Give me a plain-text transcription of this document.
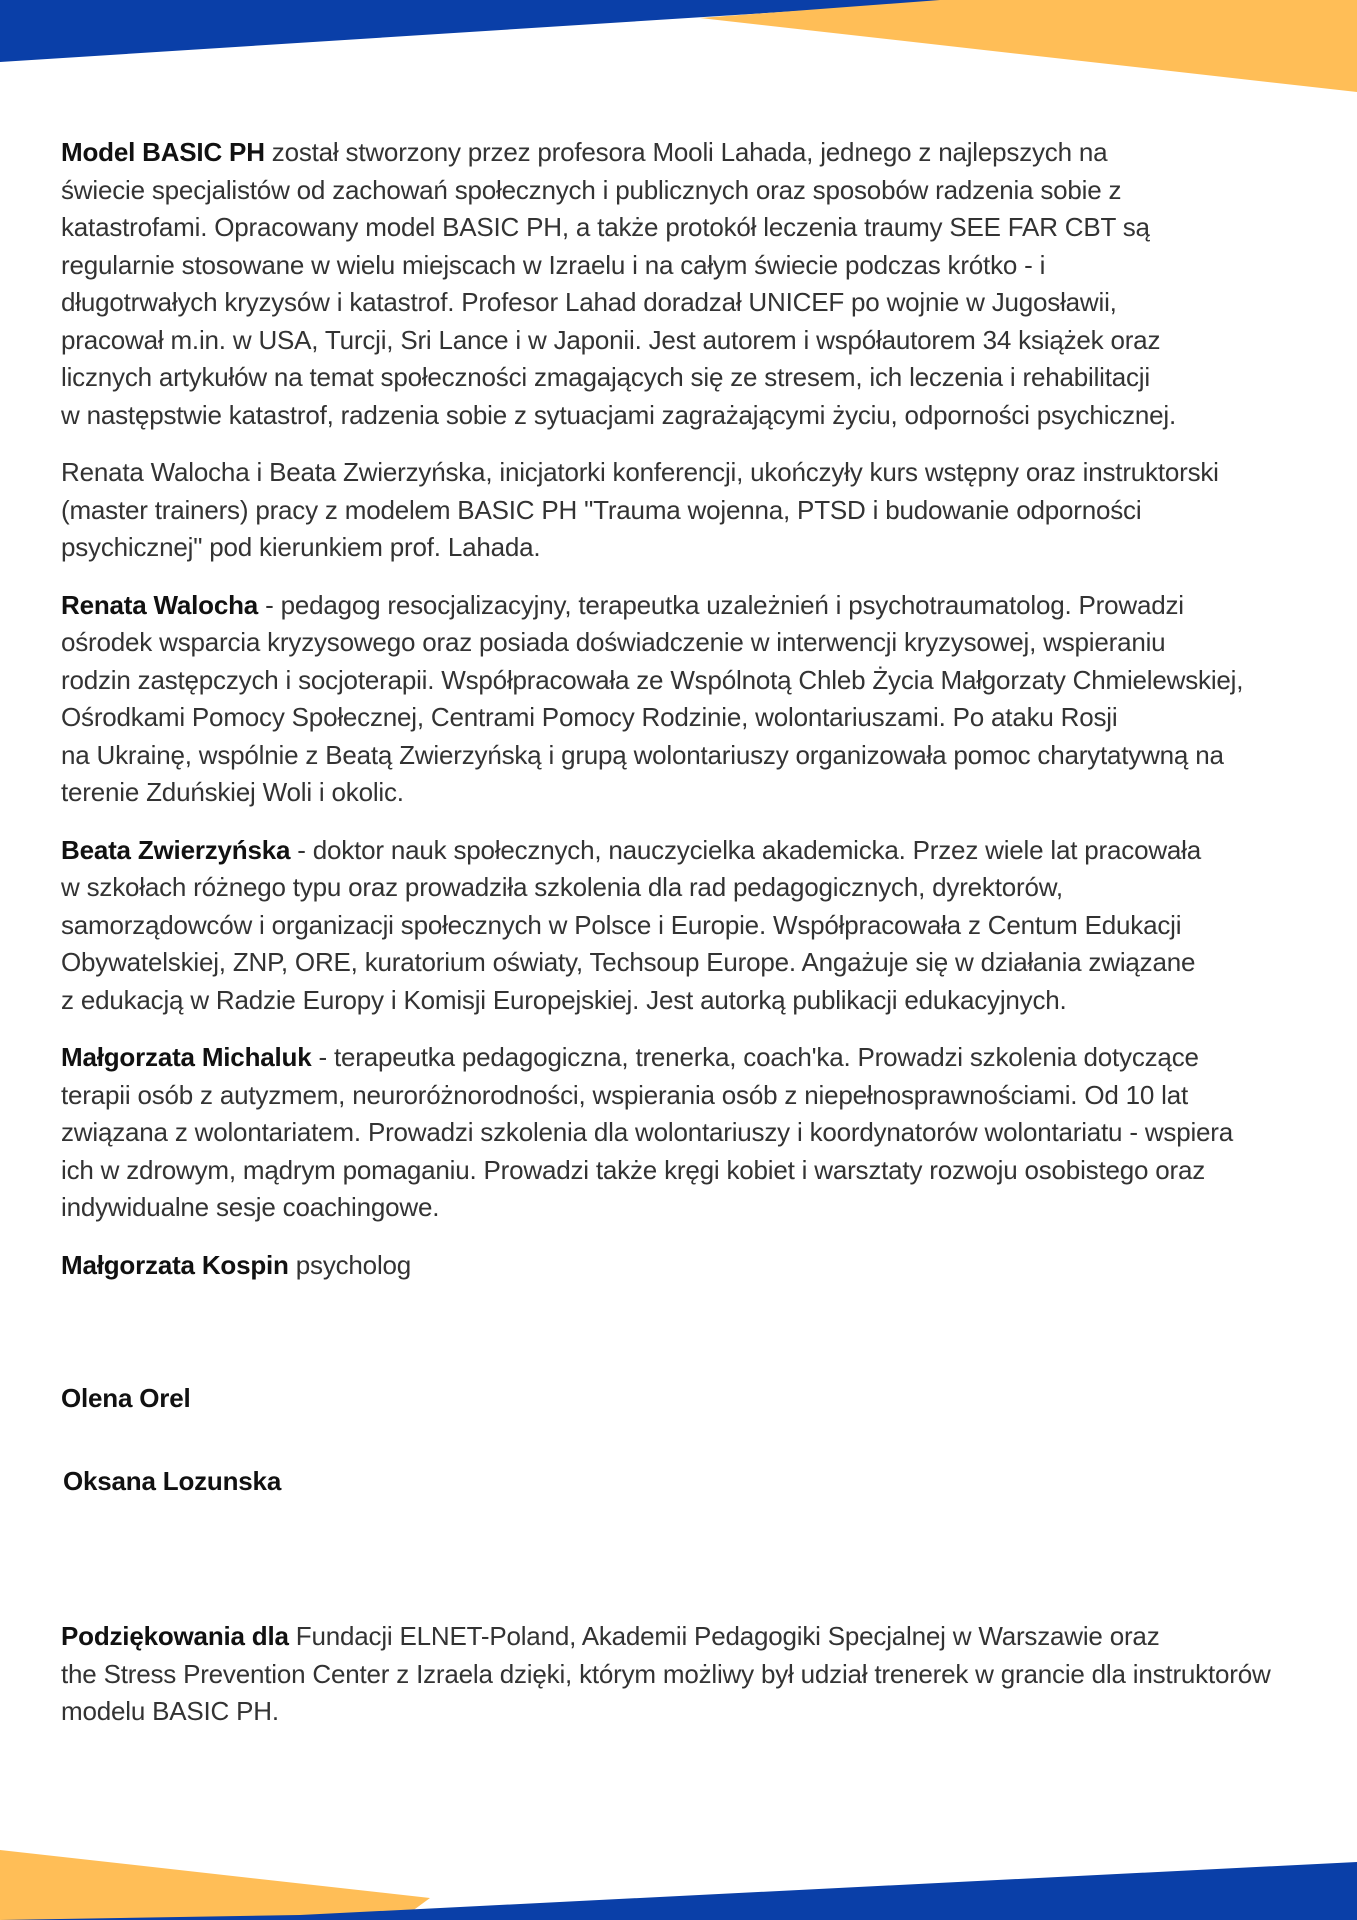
Model BASIC PH został stworzony przez profesora Mooli Lahada, jednego z najlepszych na
świecie specjalistów od zachowań społecznych i publicznych oraz sposobów radzenia sobie z
katastrofami. Opracowany model BASIC PH, a także protokół leczenia traumy SEE FAR CBT są
regularnie stosowane w wielu miejscach w Izraelu i na całym świecie podczas krótko - i
długotrwałych kryzysów i katastrof. Profesor Lahad doradzał UNICEF po wojnie w Jugosławii,
pracował m.in. w USA, Turcji, Sri Lance i w Japonii. Jest autorem i współautorem 34 książek oraz
licznych artykułów na temat społeczności zmagających się ze stresem, ich leczenia i rehabilitacji
w następstwie katastrof, radzenia sobie z sytuacjami zagrażającymi życiu, odporności psychicznej.

Renata Walocha i Beata Zwierzyńska, inicjatorki konferencji, ukończyły kurs wstępny oraz instruktorski
(master trainers) pracy z modelem BASIC PH "Trauma wojenna, PTSD i budowanie odporności
psychicznej" pod kierunkiem prof. Lahada.

Renata Walocha - pedagog resocjalizacyjny, terapeutka uzależnień i psychotraumatolog. Prowadzi
ośrodek wsparcia kryzysowego oraz posiada doświadczenie w interwencji kryzysowej, wspieraniu
rodzin zastępczych i socjoterapii. Współpracowała ze Wspólnotą Chleb Życia Małgorzaty Chmielewskiej,
Ośrodkami Pomocy Społecznej, Centrami Pomocy Rodzinie, wolontariuszami. Po ataku Rosji
na Ukrainę, wspólnie z Beatą Zwierzyńską i grupą wolontariuszy organizowała pomoc charytatywną na
terenie Zduńskiej Woli i okolic.

Beata Zwierzyńska - doktor nauk społecznych, nauczycielka akademicka. Przez wiele lat pracowała
w szkołach różnego typu oraz prowadziła szkolenia dla rad pedagogicznych, dyrektorów,
samorządowców i organizacji społecznych w Polsce i Europie. Współpracowała z Centum Edukacji
Obywatelskiej, ZNP, ORE, kuratorium oświaty, Techsoup Europe. Angażuje się w działania związane
z edukacją w Radzie Europy i Komisji Europejskiej. Jest autorką publikacji edukacyjnych.

Małgorzata Michaluk - terapeutka pedagogiczna, trenerka, coach'ka. Prowadzi szkolenia dotyczące
terapii osób z autyzmem, neuroróżnorodności, wspierania osób z niepełnosprawnościami. Od 10 lat
związana z wolontariatem. Prowadzi szkolenia dla wolontariuszy i koordynatorów wolontariatu - wspiera
ich w zdrowym, mądrym pomaganiu. Prowadzi także kręgi kobiet i warsztaty rozwoju osobistego oraz
indywidualne sesje coachingowe.

Małgorzata Kospin psycholog

Olena Orel

Oksana Lozunska

Podziękowania dla Fundacji ELNET-Poland, Akademii Pedagogiki Specjalnej w Warszawie oraz
the Stress Prevention Center z Izraela dzięki, którym możliwy był udział trenerek w grancie dla instruktorów
modelu BASIC PH.
